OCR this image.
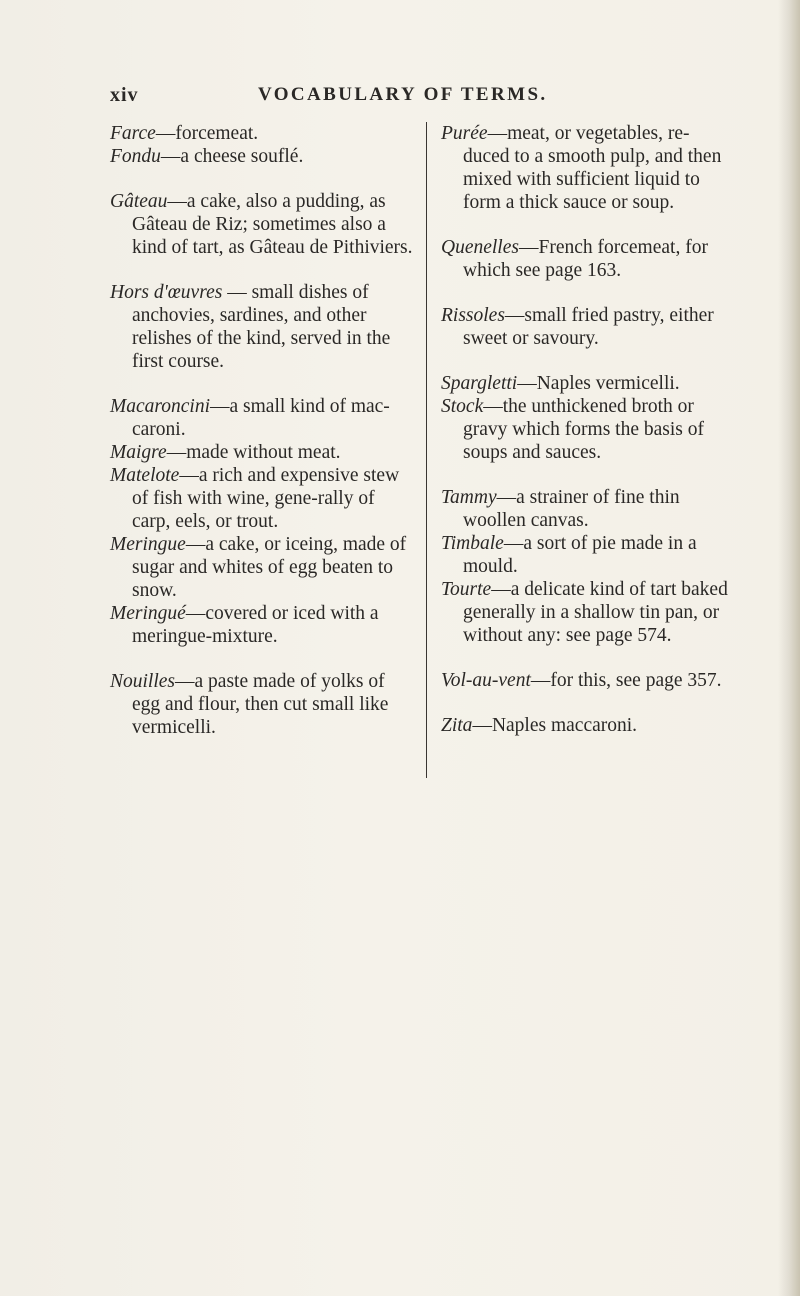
xiv	VOCABULARY OF TERMS.

Farce—forcemeat.

Fondu—a cheese souflé.

Gâteau—a cake, also a pudding, as Gâteau de Riz; sometimes also a kind of tart, as Gâteau de Pithiviers.

Hors d'œuvres — small dishes of anchovies, sardines, and other relishes of the kind, served in the first course.

Macaroncini—a small kind of mac-caroni.

Maigre—made without meat.

Matelote—a rich and expensive stew of fish with wine, gene-rally of carp, eels, or trout.

Meringue—a cake, or iceing, made of sugar and whites of egg beaten to snow.

Meringué—covered or iced with a meringue-mixture.

Nouilles—a paste made of yolks of egg and flour, then cut small like vermicelli.

Purée—meat, or vegetables, re-duced to a smooth pulp, and then mixed with sufficient liquid to form a thick sauce or soup.

Quenelles—French forcemeat, for which see page 163.

Rissoles—small fried pastry, either sweet or savoury.

Spargletti—Naples vermicelli.

Stock—the unthickened broth or gravy which forms the basis of soups and sauces.

Tammy—a strainer of fine thin woollen canvas.

Timbale—a sort of pie made in a mould.

Tourte—a delicate kind of tart baked generally in a shallow tin pan, or without any: see page 574.

Vol-au-vent—for this, see page 357.

Zita—Naples maccaroni.
